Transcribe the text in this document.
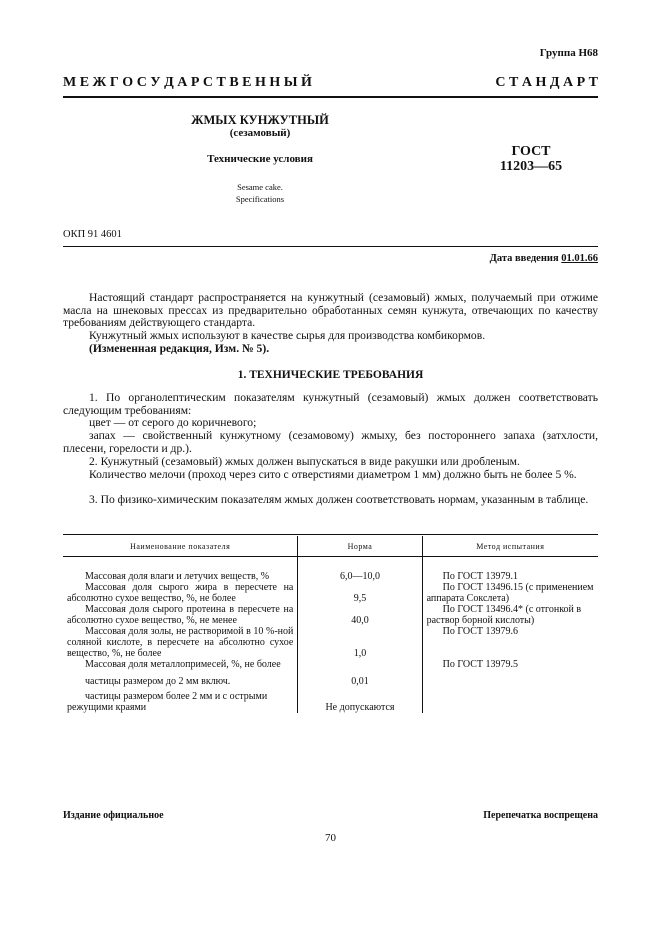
Группа Н68
М Е Ж Г О С У Д А Р С Т В Е Н Н Ы Й	С Т А Н Д А Р Т
ЖМЫХ КУНЖУТНЫЙ
(сезамовый)
Технические условия
Sesame cake.
Specifications
ГОСТ
11203—65
ОКП 91 4601
Дата введения 01.01.66
Настоящий стандарт распространяется на кунжутный (сезамовый) жмых, получаемый при отжиме масла на шнековых прессах из предварительно обработанных семян кунжута, отвечающих по качеству требованиям действующего стандарта.
Кунжутный жмых используют в качестве сырья для производства комбикормов.
(Измененная редакция, Изм. № 5).
1. ТЕХНИЧЕСКИЕ ТРЕБОВАНИЯ
1. По органолептическим показателям кунжутный (сезамовый) жмых должен соответствовать следующим требованиям:
цвет — от серого до коричневого;
запах — свойственный кунжутному (сезамовому) жмыху, без постороннего запаха (затхлости, плесени, горелости и др.).
2. Кунжутный (сезамовый) жмых должен выпускаться в виде ракушки или дробленым.
Количество мелочи (проход через сито с отверстиями диаметром 1 мм) должно быть не более 5 %.
3. По физико-химическим показателям жмых должен соответствовать нормам, указанным в таблице.
Наименование показателя	Норма	Метод испытания

Массовая доля влаги и летучих веществ, %	6,0—10,0	По ГОСТ 13979.1
Массовая доля сырого жира в пересчете на абсолютно сухое вещество, %, не более	9,5	По ГОСТ 13496.15 (с применением аппарата Сокслета)
Массовая доля сырого протеина в пересчете на абсолютно сухое вещество, %, не менее	40,0	По ГОСТ 13496.4* (с отгонкой в раствор борной кислоты)
Массовая доля золы, не растворимой в 10 %-ной соляной кислоте, в пересчете на абсолютно сухое вещество, %, не более	1,0	По ГОСТ 13979.6
Массовая доля металлопримесей, %, не более		По ГОСТ 13979.5
частицы размером до 2 мм включ.	0,01	
частицы размером более 2 мм и с острыми режущими краями	Не допускаются	
Издание официальное	Перепечатка воспрещена
70
